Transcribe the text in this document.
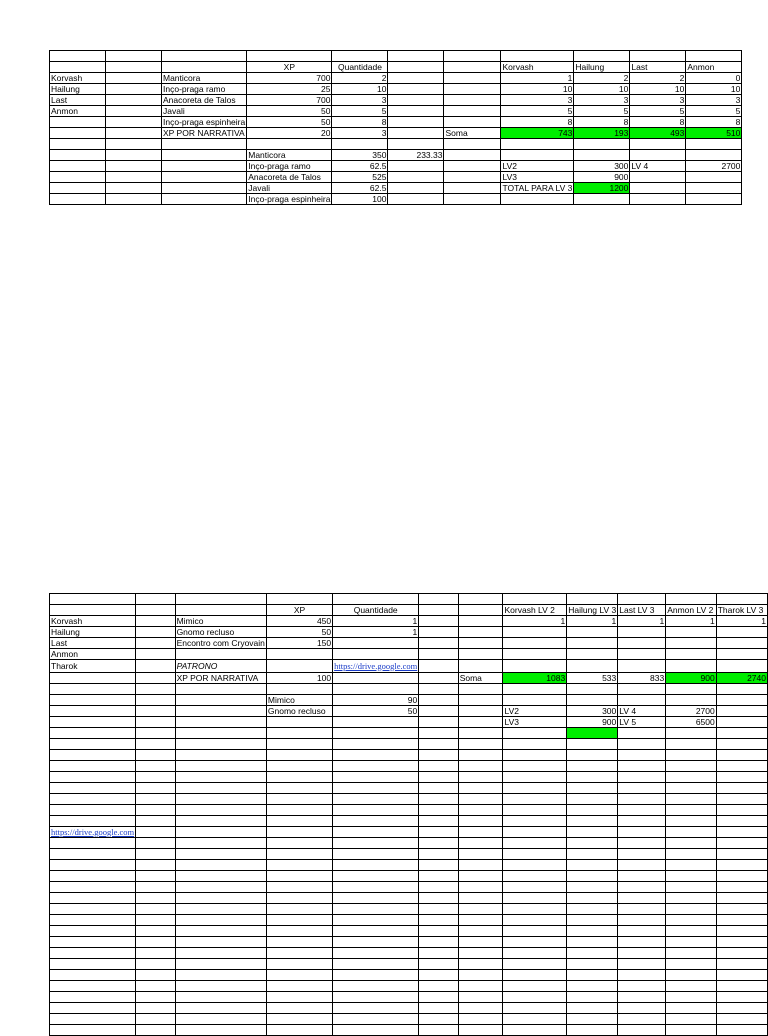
			XP	Quantidade			Korvash	Hailung	Last	Anmon
Korvash		Manticora	700	2			1	2	2	0
Hailung		Inço-praga ramo	25	10			10	10	10	10
Last		Anacoreta de Talos	700	3			3	3	3	3
Anmon		Javali	50	5			5	5	5	5
		Inço-praga espinheira	50	8			8	8	8	8
		XP POR NARRATIVA	20	3		Soma	743	193	493	510

			Manticora	350	233.33					
			Inço-praga ramo	62.5			LV2	300	LV 4	2700
			Anacoreta de Talos	525			LV3	900		
			Javali	62.5			TOTAL PARA LV 3	1200		
			Inço-praga espinheira	100						

			XP	Quantidade			Korvash LV 2	Hailung LV 3	Last LV 3	Anmon LV 2	Tharok LV 3
Korvash		Mimico	450	1			1	1	1	1	1
Hailung		Gnomo recluso	50	1							
Last		Encontro com Cryovain	150								
Anmon											
Tharok		PATRONO		https://drive.google.com							
		XP POR NARRATIVA	100			Soma	1083	533	833	900	2740

			Mimico	90							
			Gnomo recluso	50			LV2	300	LV 4	2700	
							LV3	900	LV 5	6500	

https://drive.google.com											
